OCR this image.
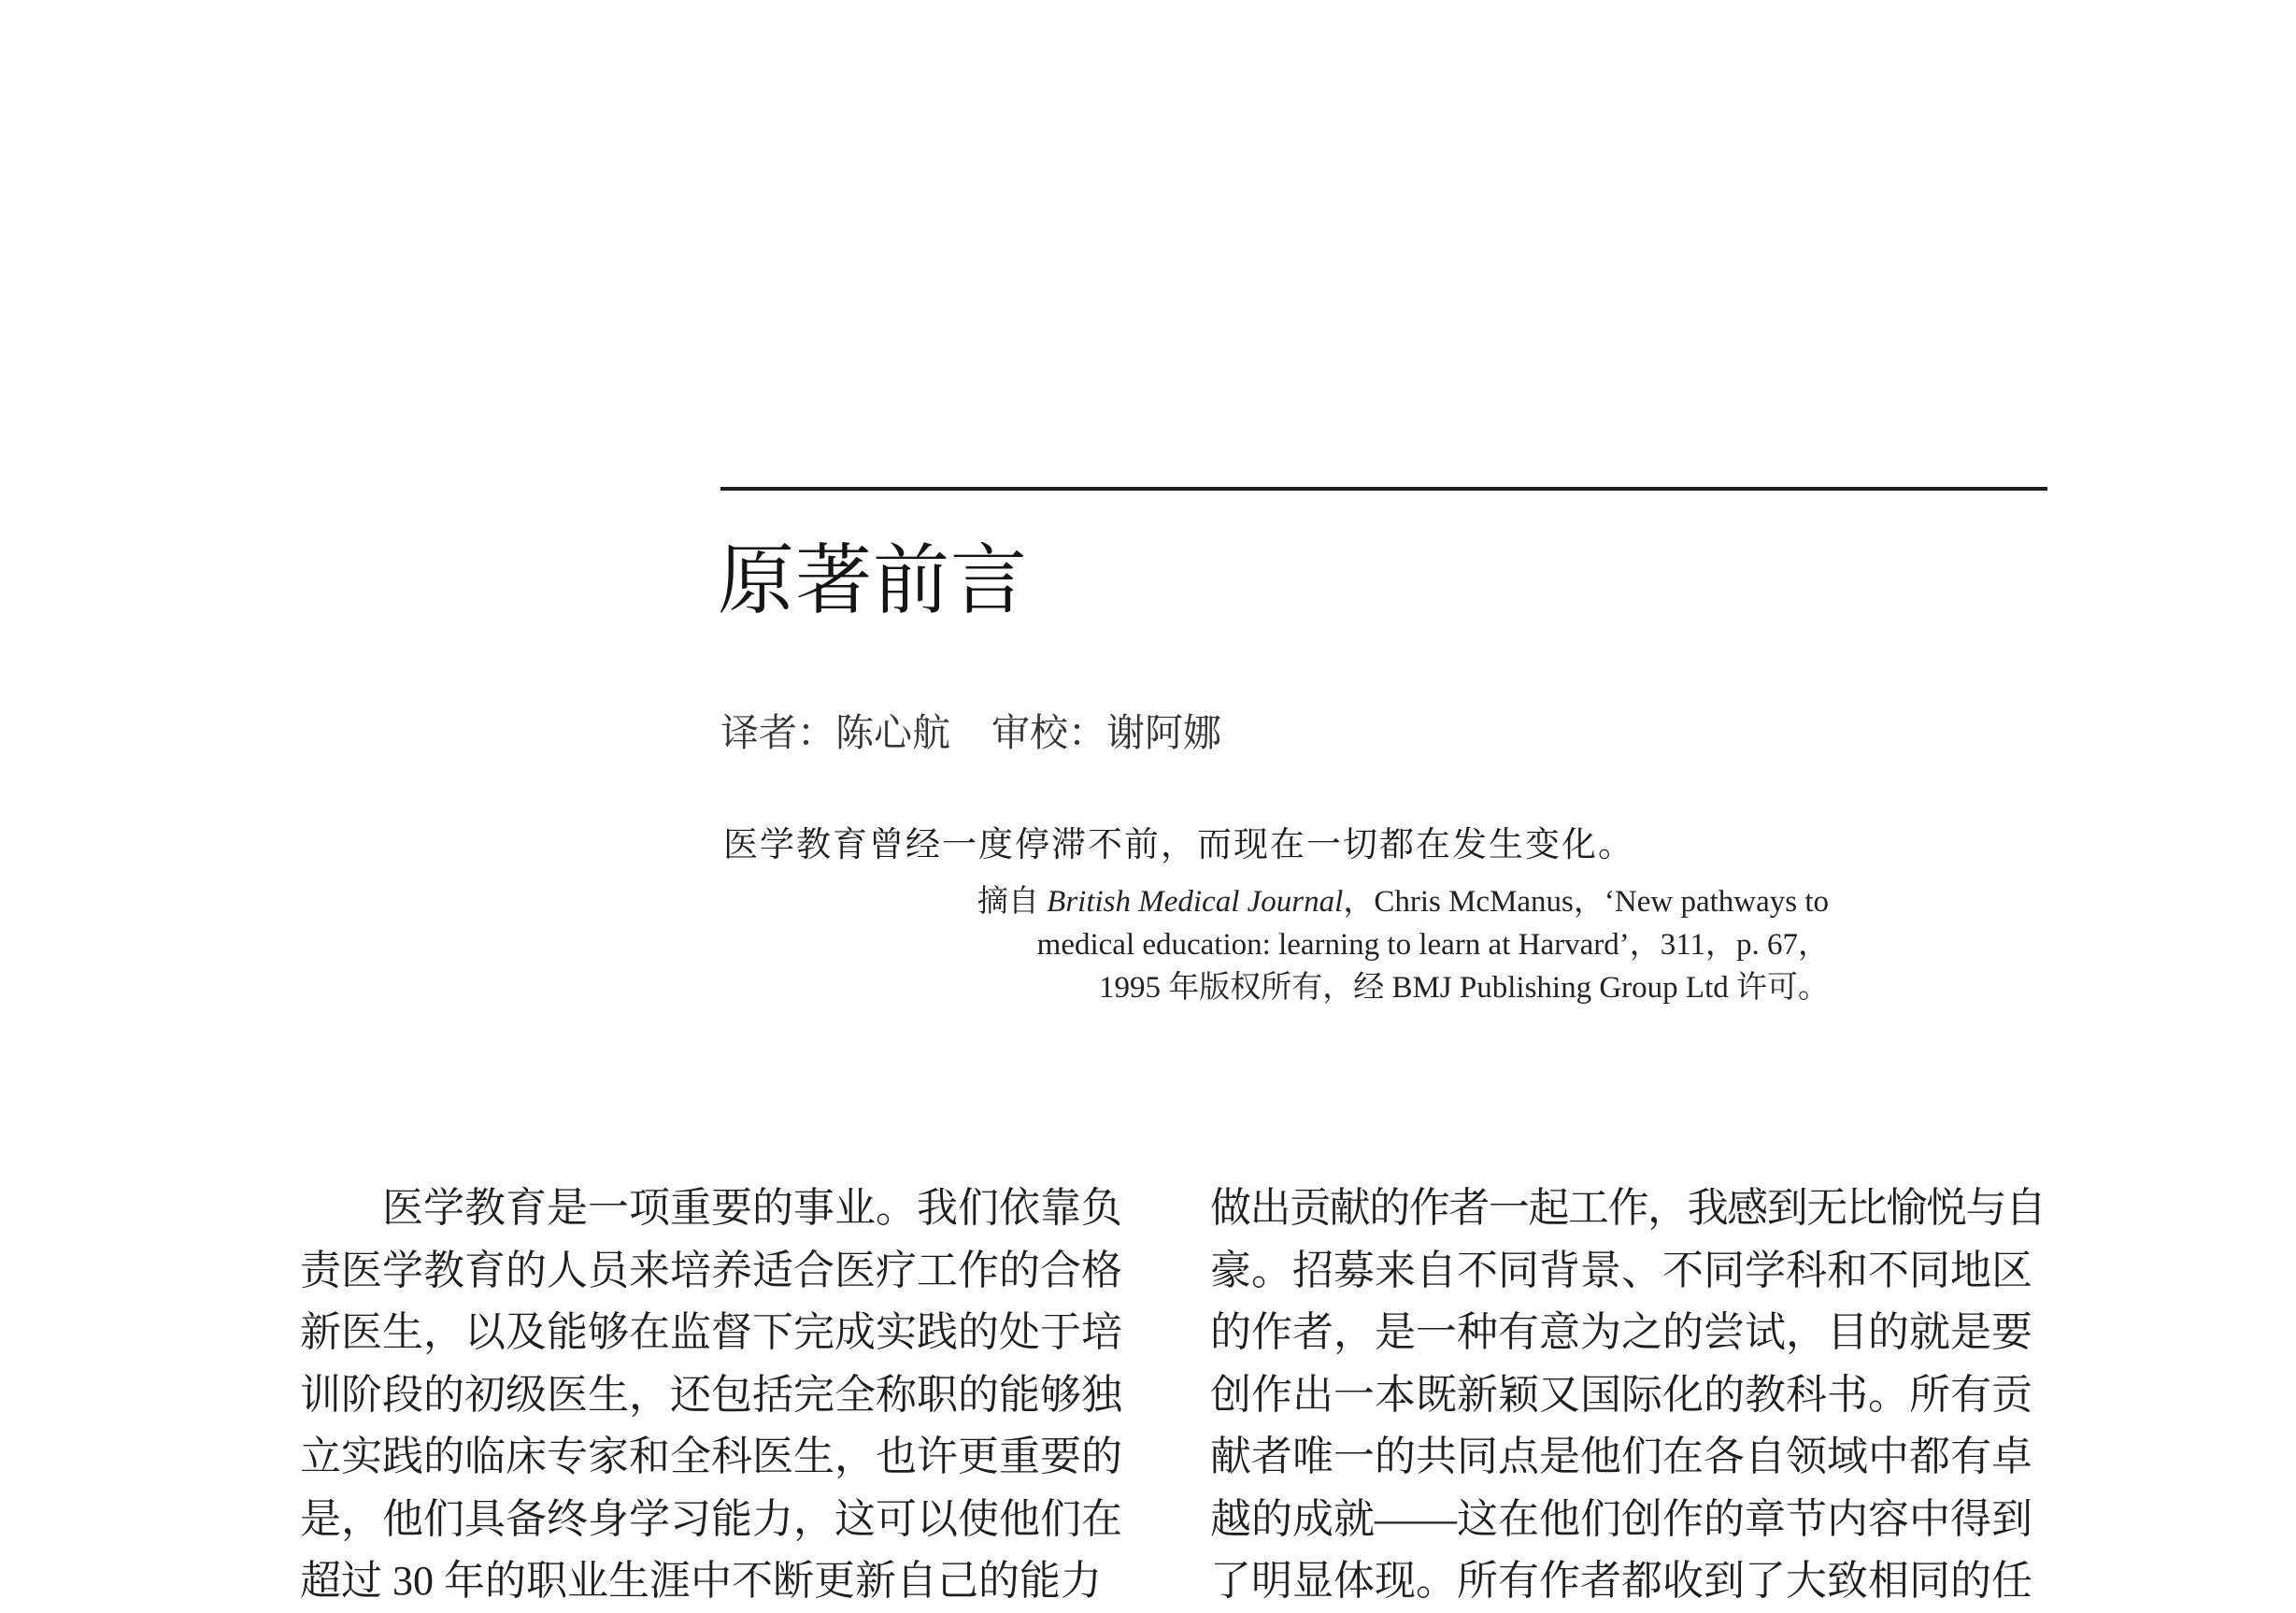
原著前言
译者：陈心航 审校：谢阿娜
医学教育曾经一度停滞不前，而现在一切都在发生变化。
摘自 British Medical Journal，Chris McManus，‘New pathways to
medical education: learning to learn at Harvard’，311，p. 67，
1995 年版权所有，经 BMJ Publishing Group Ltd 许可。
　　医学教育是一项重要的事业。我们依靠负
责医学教育的人员来培养适合医疗工作的合格
新医生，以及能够在监督下完成实践的处于培
训阶段的初级医生，还包括完全称职的能够独
立实践的临床专家和全科医生，也许更重要的
是，他们具备终身学习能力，这可以使他们在
超过 30 年的职业生涯中不断更新自己的能力
做出贡献的作者一起工作，我感到无比愉悦与自
豪。招募来自不同背景、不同学科和不同地区
的作者，是一种有意为之的尝试，目的就是要
创作出一本既新颖又国际化的教科书。所有贡
献者唯一的共同点是他们在各自领域中都有卓
越的成就——这在他们创作的章节内容中得到
了明显体现。所有作者都收到了大致相同的任
